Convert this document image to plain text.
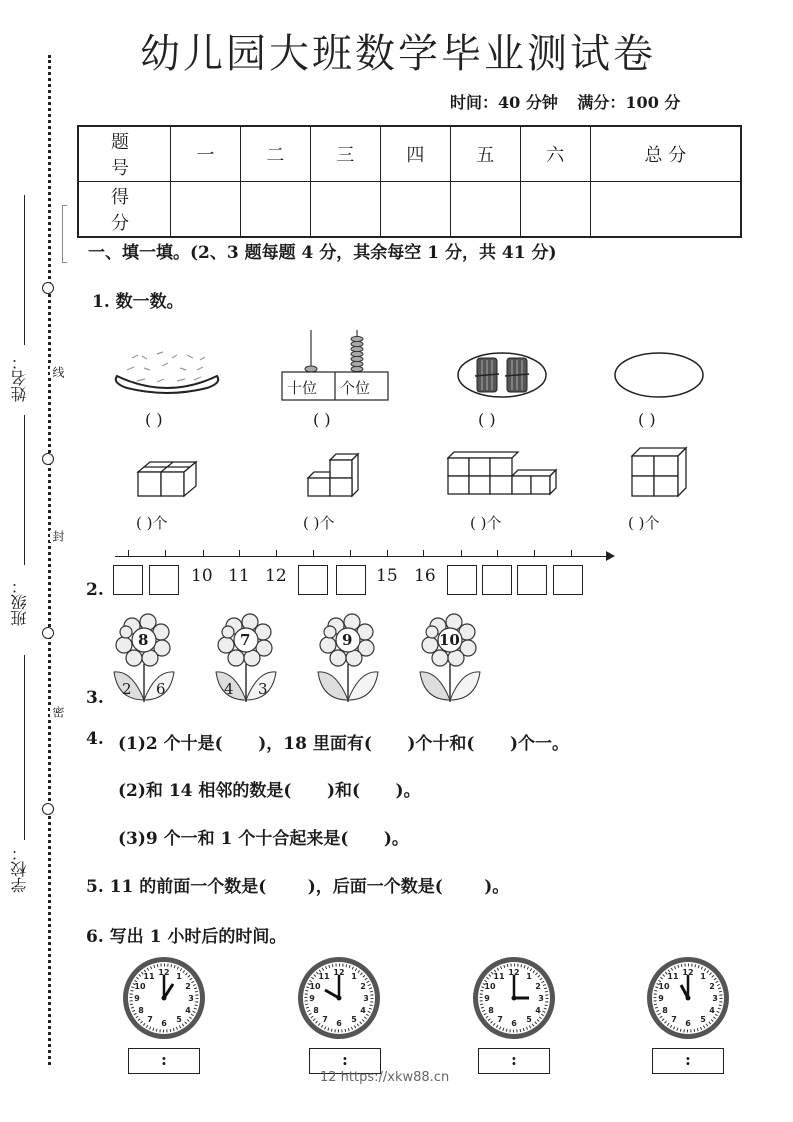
线
封
密
姓名：
班级：
学校：
幼儿园大班数学毕业测试卷
时间：40 分钟 满分：100 分
题 号	一	二	三	四	五	六	总 分
得 分							
一、填一填。(2、3 题每题 4 分，其余每空 1 分，共 41 分)
1. 数一数。
( )
十位 个位
( )	( )	( )
( )个	( )个	( )个	( )个
2.
10 11 12	15 16
3.
8
2 6
7
4 3
9	10
4. (1)2 个十是(      )，18 里面有(      )个十和(      )个一。
(2)和 14 相邻的数是(      )和(      )。
(3)9 个一和 1 个十合起来是(      )。
5. 11 的前面一个数是(       )，后面一个数是(       )。
6. 写出 1 小时后的时间。
12 1
2
3
4
5
6
7
8
9
10
11
:
12 1
2
3
4
5
6
7
8
9
10
11
:
12 1
2
3
4
5
6
7
8
9
10
11
:
12 1
2
3
4
5
6
7
8
9
10
11
:
12 https://xkw88.cn
